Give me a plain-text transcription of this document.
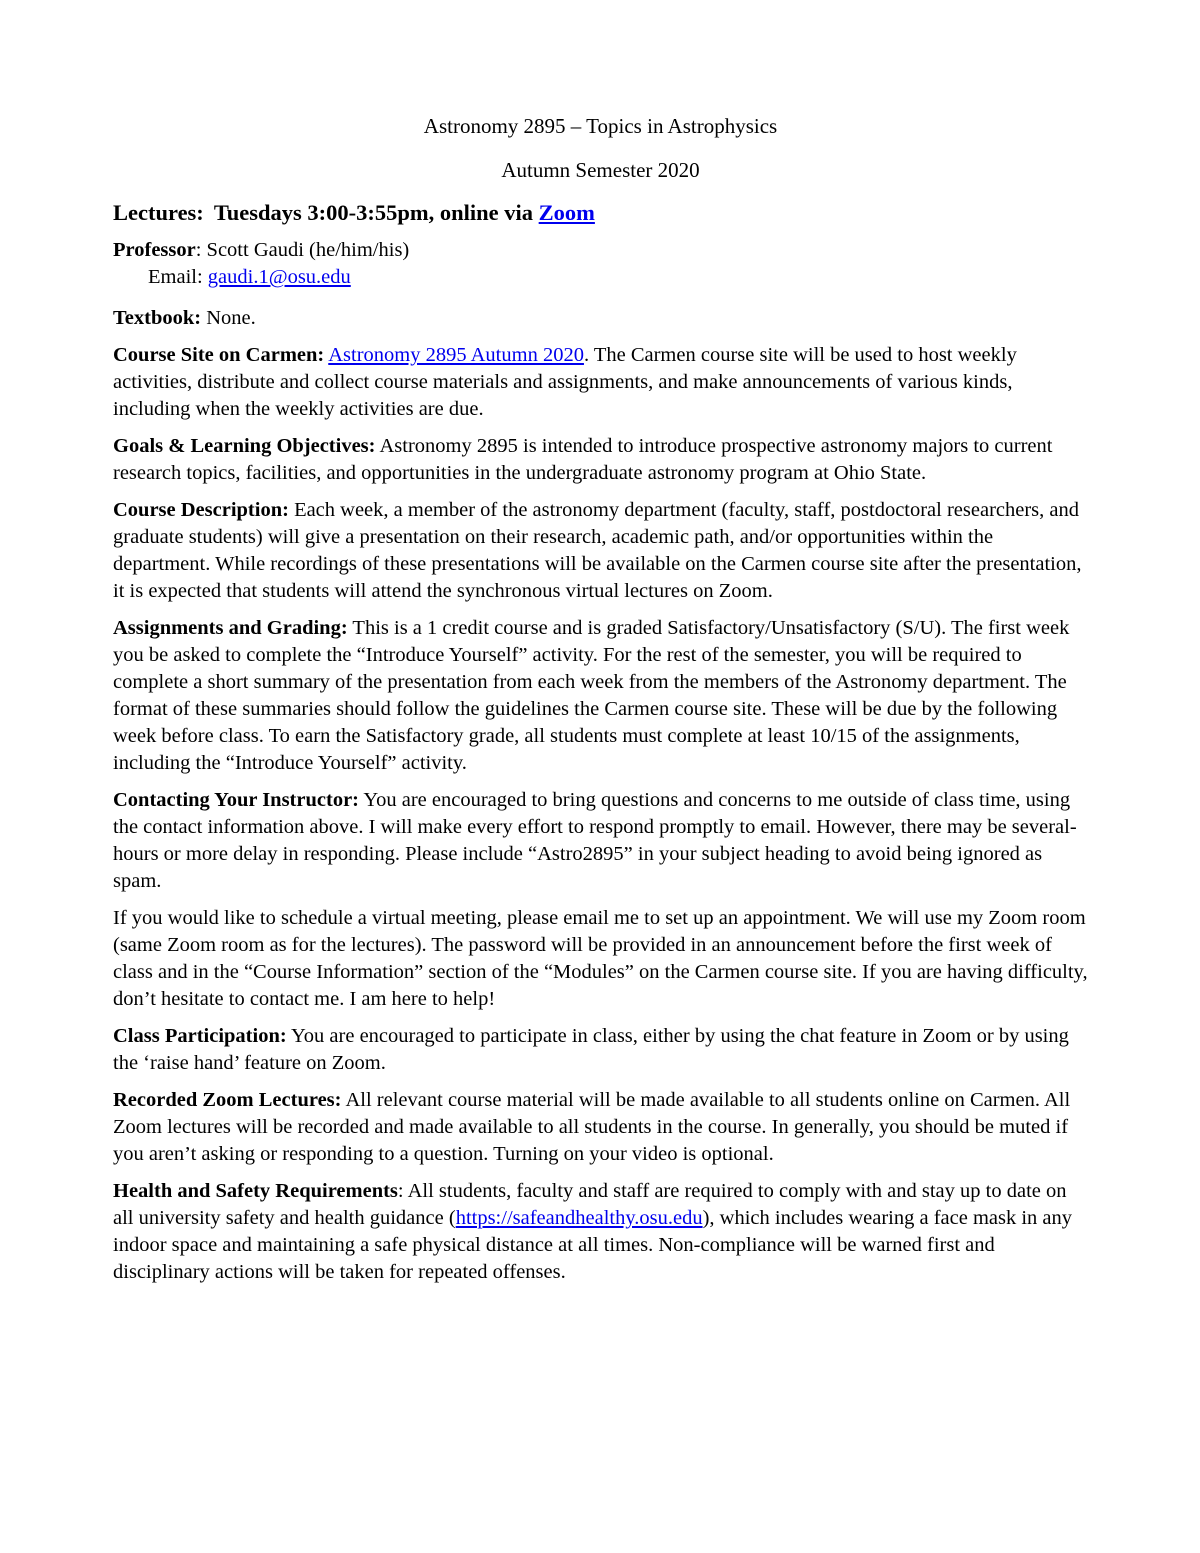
Astronomy 2895 – Topics in Astrophysics
Autumn Semester 2020
Lectures: Tuesdays 3:00-3:55pm, online via Zoom

Professor: Scott Gaudi (he/him/his)

Email: gaudi.1@osu.edu

Textbook: None.

Course Site on Carmen: Astronomy 2895 Autumn 2020. The Carmen course site will be used to host weekly activities, distribute and collect course materials and assignments, and make announcements of various kinds, including when the weekly activities are due.

Goals & Learning Objectives: Astronomy 2895 is intended to introduce prospective astronomy majors to current research topics, facilities, and opportunities in the undergraduate astronomy program at Ohio State.

Course Description: Each week, a member of the astronomy department (faculty, staff, postdoctoral researchers, and graduate students) will give a presentation on their research, academic path, and/or opportunities within the department. While recordings of these presentations will be available on the Carmen course site after the presentation, it is expected that students will attend the synchronous virtual lectures on Zoom.

Assignments and Grading: This is a 1 credit course and is graded Satisfactory/Unsatisfactory (S/U). The first week you be asked to complete the “Introduce Yourself” activity. For the rest of the semester, you will be required to complete a short summary of the presentation from each week from the members of the Astronomy department. The format of these summaries should follow the guidelines the Carmen course site. These will be due by the following week before class. To earn the Satisfactory grade, all students must complete at least 10/15 of the assignments, including the “Introduce Yourself” activity.

Contacting Your Instructor: You are encouraged to bring questions and concerns to me outside of class time, using the contact information above. I will make every effort to respond promptly to email. However, there may be several-hours or more delay in responding. Please include “Astro2895” in your subject heading to avoid being ignored as spam.

If you would like to schedule a virtual meeting, please email me to set up an appointment. We will use my Zoom room (same Zoom room as for the lectures). The password will be provided in an announcement before the first week of class and in the “Course Information” section of the “Modules” on the Carmen course site. If you are having difficulty, don’t hesitate to contact me. I am here to help!

Class Participation: You are encouraged to participate in class, either by using the chat feature in Zoom or by using the ‘raise hand’ feature on Zoom.

Recorded Zoom Lectures: All relevant course material will be made available to all students online on Carmen. All Zoom lectures will be recorded and made available to all students in the course. In generally, you should be muted if you aren’t asking or responding to a question. Turning on your video is optional.

Health and Safety Requirements: All students, faculty and staff are required to comply with and stay up to date on all university safety and health guidance (https://safeandhealthy.osu.edu), which includes wearing a face mask in any indoor space and maintaining a safe physical distance at all times. Non-compliance will be warned first and disciplinary actions will be taken for repeated offenses.
